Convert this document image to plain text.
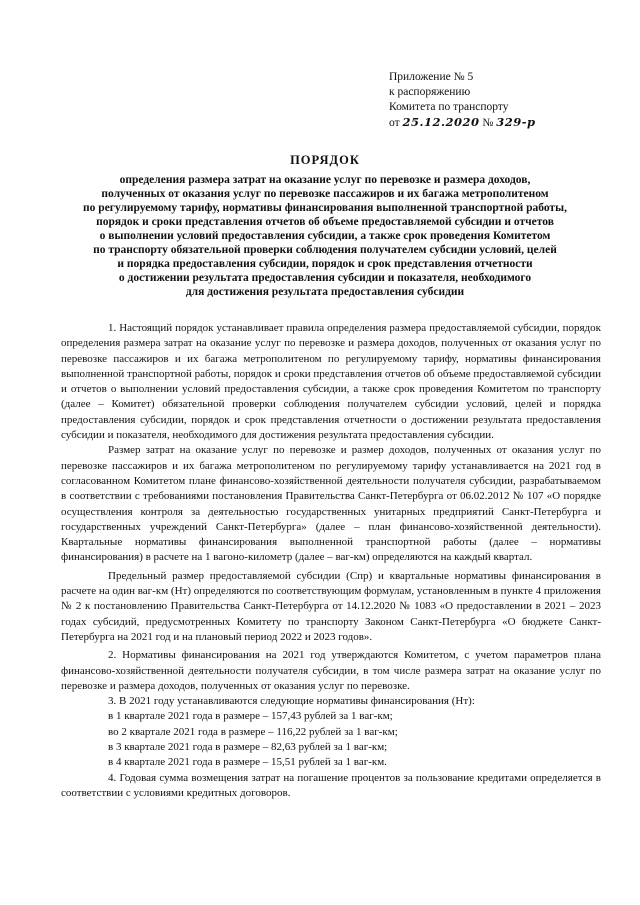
Приложение № 5
к распоряжению
Комитета по транспорту
от 25.12.2020 № 329-р
ПОРЯДОК
определения размера затрат на оказание услуг по перевозке и размера доходов,
полученных от оказания услуг по перевозке пассажиров и их багажа метрополитеном
по регулируемому тарифу, нормативы финансирования выполненной транспортной работы,
порядок и сроки представления отчетов об объеме предоставляемой субсидии и отчетов
о выполнении условий предоставления субсидии, а также срок проведения Комитетом
по транспорту обязательной проверки соблюдения получателем субсидии условий, целей
и порядка предоставления субсидии, порядок и срок представления отчетности
о достижении результата предоставления субсидии и показателя, необходимого
для достижения результата предоставления субсидии

1. Настоящий порядок устанавливает правила определения размера предоставляемой субсидии, порядок определения размера затрат на оказание услуг по перевозке и размера доходов, полученных от оказания услуг по перевозке пассажиров и их багажа метрополитеном по регулируемому тарифу, нормативы финансирования выполненной транспортной работы, порядок и сроки представления отчетов об объеме предоставляемой субсидии и отчетов о выполнении условий предоставления субсидии, а также срок проведения Комитетом по транспорту (далее – Комитет) обязательной проверки соблюдения получателем субсидии условий, целей и порядка предоставления субсидии, порядок и срок представления отчетности о достижении результата предоставления субсидии и показателя, необходимого для достижения результата предоставления субсидии.

Размер затрат на оказание услуг по перевозке и размер доходов, полученных от оказания услуг по перевозке пассажиров и их багажа метрополитеном по регулируемому тарифу устанавливается на 2021 год в согласованном Комитетом плане финансово-хозяйственной деятельности получателя субсидии, разрабатываемом в соответствии с требованиями постановления Правительства Санкт-Петербурга от 06.02.2012 № 107 «О порядке осуществления контроля за деятельностью государственных унитарных предприятий Санкт-Петербурга и государственных учреждений Санкт-Петербурга» (далее – план финансово-хозяйственной деятельности). Квартальные нормативы финансирования выполненной транспортной работы (далее – нормативы финансирования) в расчете на 1 вагоно-километр (далее – ваг-км) определяются на каждый квартал.

Предельный размер предоставляемой субсидии (Спр) и квартальные нормативы финансирования в расчете на один ваг-км (Нт) определяются по соответствующим формулам, установленным в пункте 4 приложения № 2 к постановлению Правительства Санкт-Петербурга от 14.12.2020 № 1083 «О предоставлении в 2021 – 2023 годах субсидий, предусмотренных Комитету по транспорту Законом Санкт-Петербурга «О бюджете Санкт-Петербурга на 2021 год и на плановый период 2022 и 2023 годов».

2. Нормативы финансирования на 2021 год утверждаются Комитетом, с учетом параметров плана финансово-хозяйственной деятельности получателя субсидии, в том числе размера затрат на оказание услуг по перевозке и размера доходов, полученных от оказания услуг по перевозке.

3. В 2021 году устанавливаются следующие нормативы финансирования (Нт):

в 1 квартале 2021 года в размере – 157,43 рублей за 1 ваг-км;

во 2 квартале 2021 года в размере – 116,22 рублей за 1 ваг-км;

в 3 квартале 2021 года в размере – 82,63 рублей за 1 ваг-км;

в 4 квартале 2021 года в размере – 15,51 рублей за 1 ваг-км.

4. Годовая сумма возмещения затрат на погашение процентов за пользование кредитами определяется в соответствии с условиями кредитных договоров.
